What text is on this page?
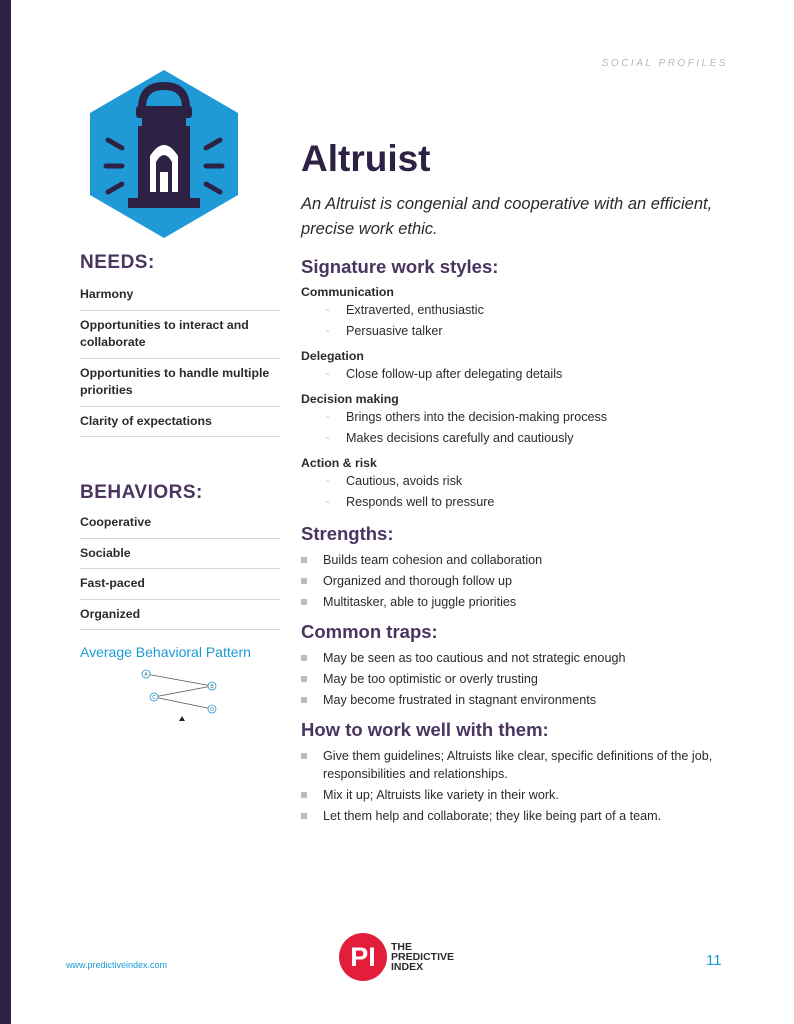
SOCIAL PROFILES
NEEDS:
Harmony
Opportunities to interact and collaborate
Opportunities to handle multiple priorities
Clarity of expectations
BEHAVIORS:
Cooperative
Sociable
Fast-paced
Organized
Average Behavioral Pattern
A
B
C
D
Altruist
An Altruist is congenial and cooperative with an efficient, precise work ethic.
Signature work styles:
Communication
- Extraverted, enthusiastic
- Persuasive talker
Delegation
- Close follow-up after delegating details
Decision making
- Brings others into the decision-making process
- Makes decisions carefully and cautiously
Action & risk
- Cautious, avoids risk
- Responds well to pressure
Strengths:
Builds team cohesion and collaboration
Organized and thorough follow up
Multitasker, able to juggle priorities
Common traps:
May be seen as too cautious and not strategic enough
May be too optimistic or overly trusting
May become frustrated in stagnant environments
How to work well with them:
Give them guidelines; Altruists like clear, specific definitions of the job, responsibilities and relationships.
Mix it up; Altruists like variety in their work.
Let them help and collaborate; they like being part of a team.
www.predictiveindex.com	PI	THE
PREDICTIVE
INDEX	11
